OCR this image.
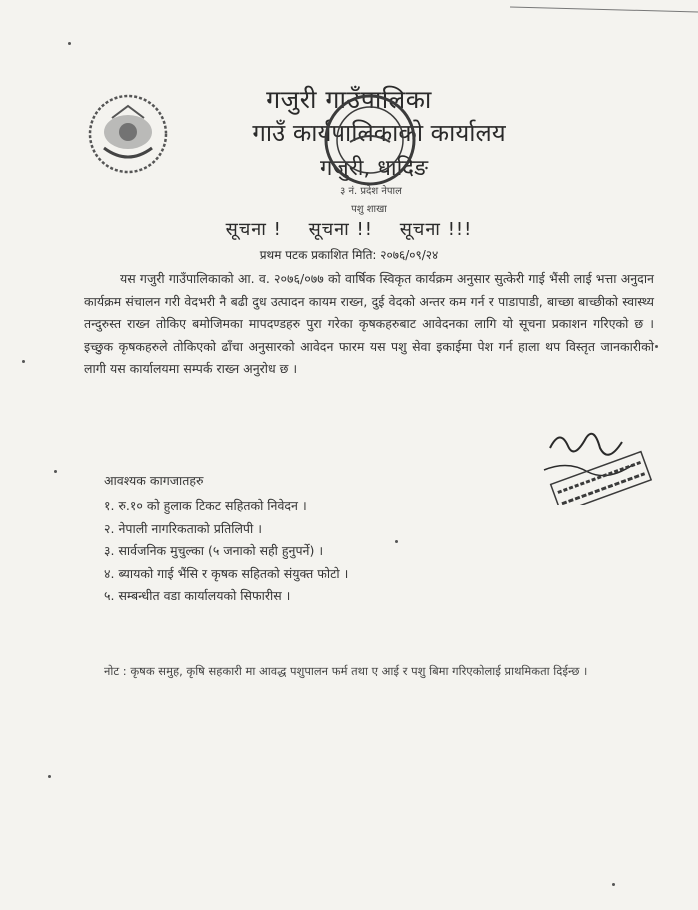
गजुरी गाउँपालिका
गाउँ कार्यपालिकाको कार्यालय
गजुरी, धादिङ
३ नं. प्रदेश नेपाल
पशु शाखा
सूचना ! सूचना !! सूचना !!!
प्रथम पटक प्रकाशित मिति: २०७६/०९/२४

यस गजुरी गाउँपालिकाको आ. व. २०७६/०७७ को वार्षिक स्विकृत कार्यक्रम अनुसार सुत्केरी गाई भैंसी लाई भत्ता अनुदान कार्यक्रम संचालन गरी वेदभरी नै बढी दुध उत्पादन कायम राख्न, दुई वेदको अन्तर कम गर्न र पाडापाडी, बाच्छा बाच्छीको स्वास्थ्य तन्दुरुस्त राख्न तोकिए बमोजिमका मापदण्डहरु पुरा गरेका कृषकहरुबाट आवेदनका लागि यो सूचना प्रकाशन गरिएको छ । इच्छुक कृषकहरुले तोकिएको ढाँचा अनुसारको आवेदन फारम यस पशु सेवा इकाईमा पेश गर्न हाला थप विस्तृत जानकारीको लागी यस कार्यालयमा सम्पर्क राख्न अनुरोध छ ।

आवश्यक कागजातहरु
१. रु.१० को हुलाक टिकट सहितको निवेदन ।
२. नेपाली नागरिकताको प्रतिलिपी ।
३. सार्वजनिक मुचुल्का (५ जनाको सही हुनुपर्ने) ।
४. ब्यायको गाई भैंसि र कृषक सहितको संयुक्त फोटो ।
५. सम्बन्धीत वडा कार्यालयको सिफारीस ।
नोट : कृषक समुह, कृषि सहकारी मा आवद्ध पशुपालन फर्म तथा ए आई र पशु बिमा गरिएकोलाई प्राथमिकता दिईन्छ ।
